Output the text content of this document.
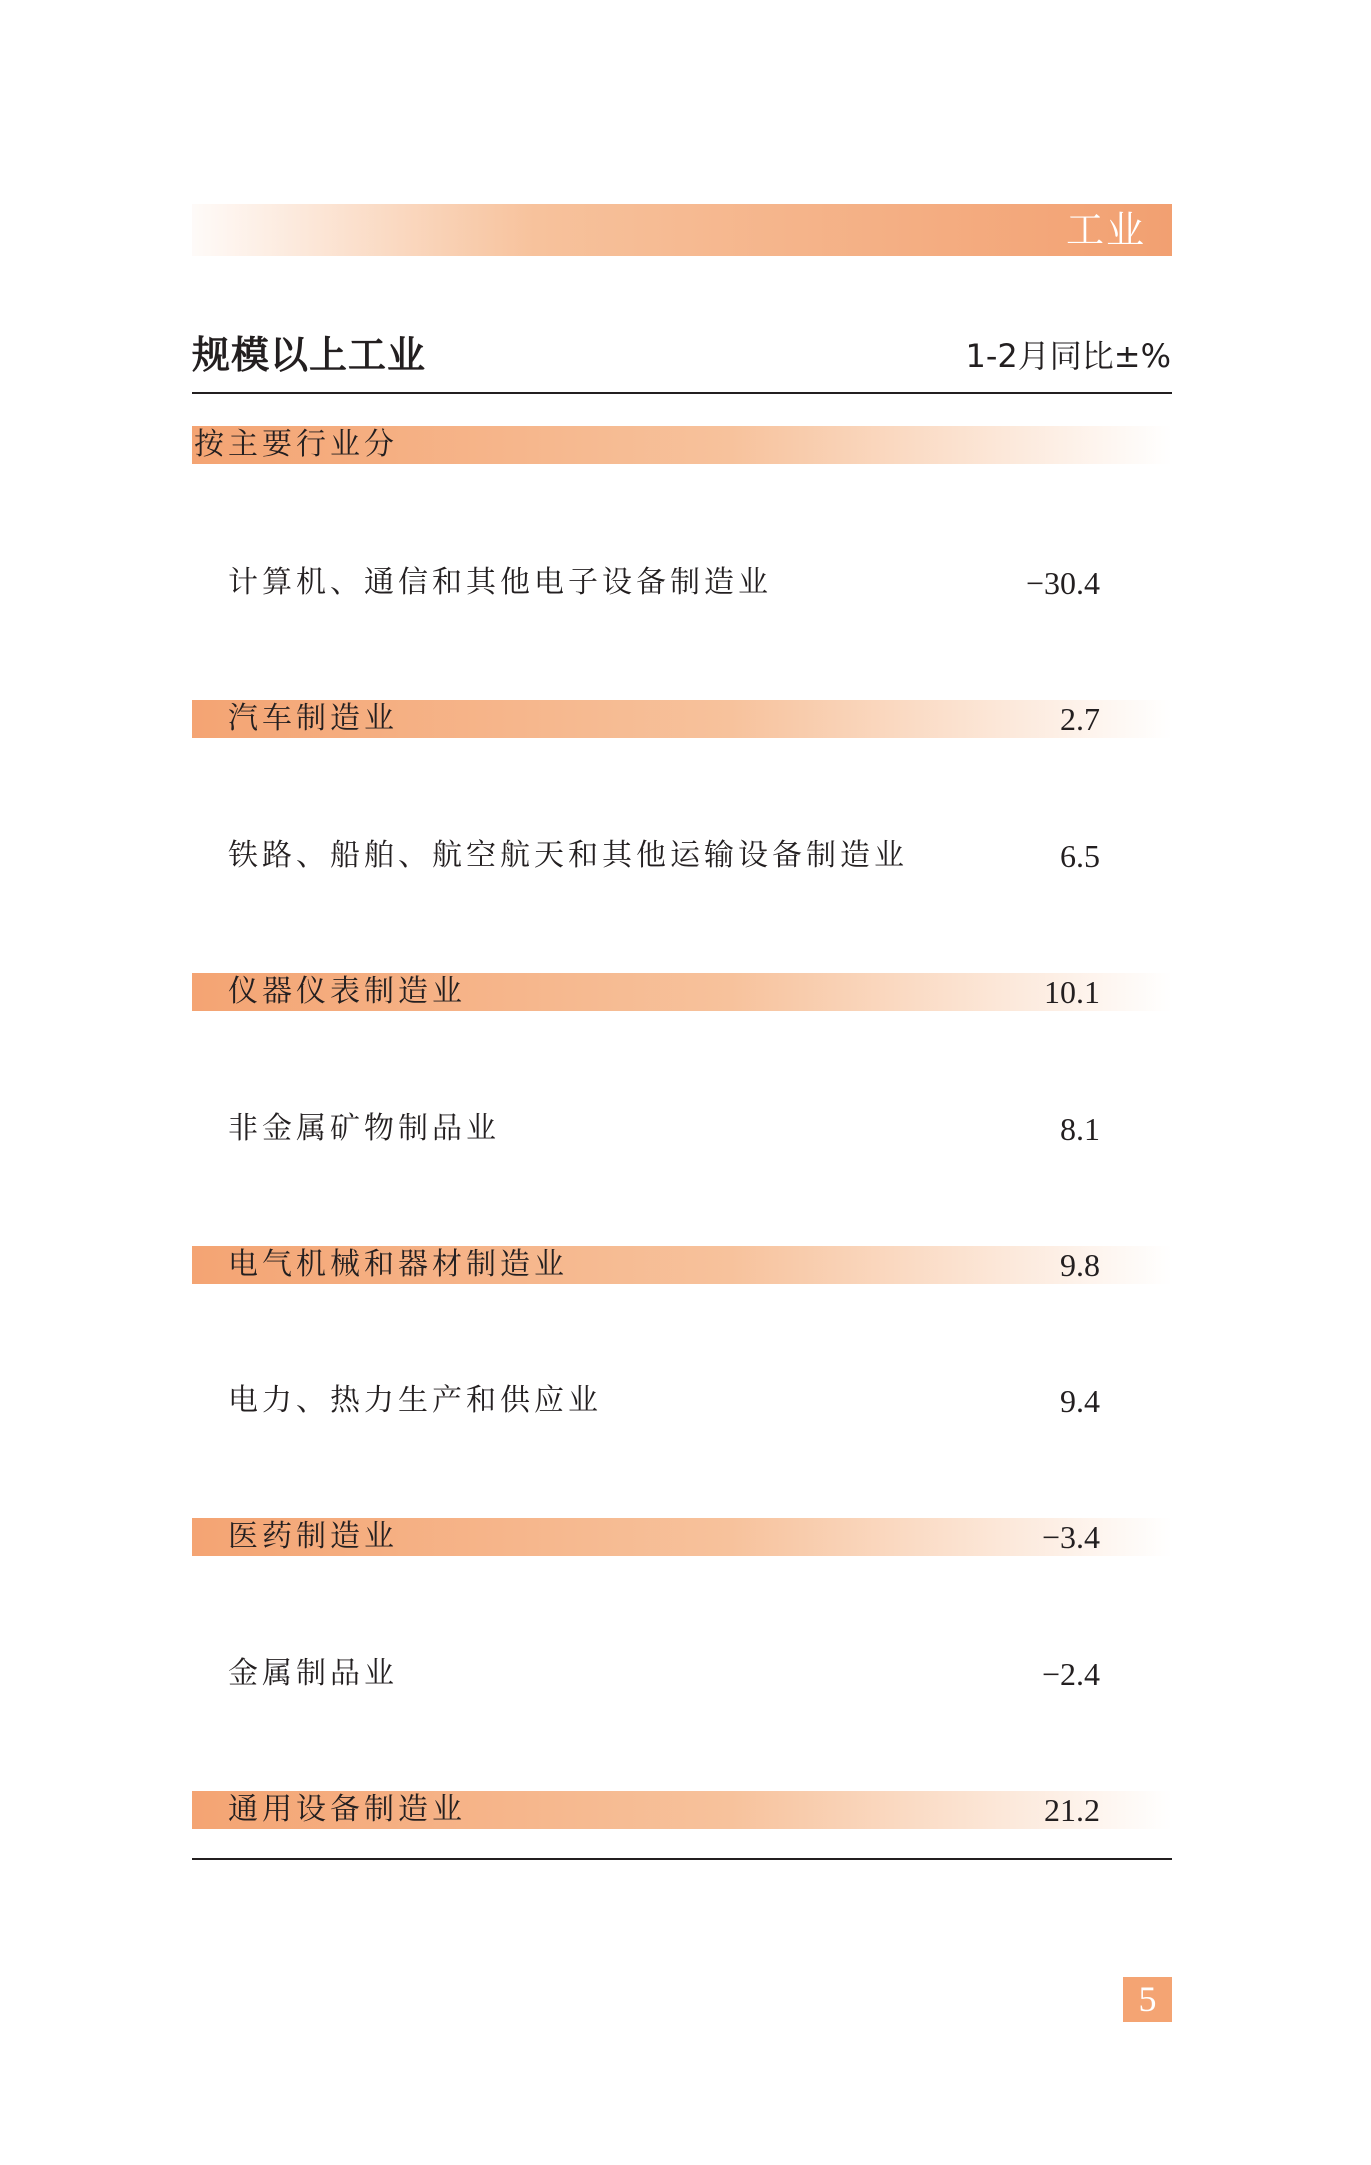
工业
规模以上工业	1-2月同比±%
按主要行业分
计算机、通信和其他电子设备制造业	−30.4
汽车制造业	2.7
铁路、船舶、航空航天和其他运输设备制造业	6.5
仪器仪表制造业	10.1
非金属矿物制品业	8.1
电气机械和器材制造业	9.8
电力、热力生产和供应业	9.4
医药制造业	−3.4
金属制品业	−2.4
通用设备制造业	21.2
5
